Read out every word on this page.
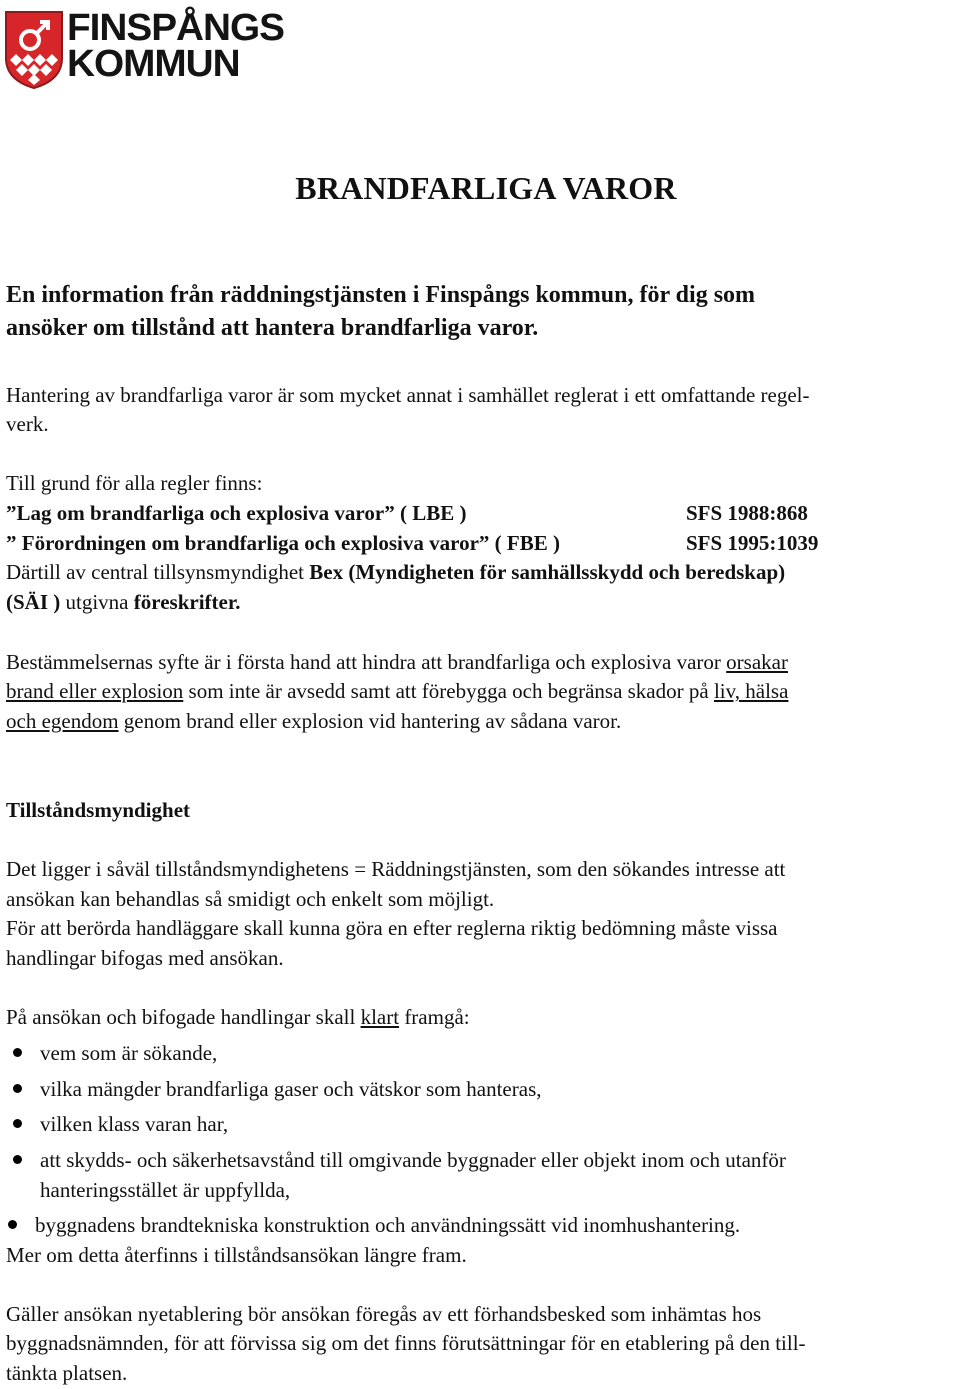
FINSPÅNGS
KOMMUN
BRANDFARLIGA VAROR
En information från räddningstjänsten i Finspångs kommun, för dig som
ansöker om tillstånd att hantera brandfarliga varor.
Hantering av brandfarliga varor är som mycket annat i samhället reglerat i ett omfattande regel-
verk.
Till grund för alla regler finns:
”Lag om brandfarliga och explosiva varor” ( LBE )	SFS 1988:868
” Förordningen om brandfarliga och explosiva varor” ( FBE )	SFS 1995:1039
Därtill av central tillsynsmyndighet Bex (Myndigheten för samhällsskydd och beredskap)
(SÄI ) utgivna föreskrifter.
Bestämmelsernas syfte är i första hand att hindra att brandfarliga och explosiva varor orsakar
brand eller explosion som inte är avsedd samt att förebygga och begränsa skador på liv, hälsa
och egendom genom brand eller explosion vid hantering av sådana varor.
Tillståndsmyndighet
Det ligger i såväl tillståndsmyndighetens = Räddningstjänsten, som den sökandes intresse att
ansökan kan behandlas så smidigt och enkelt som möjligt.
För att berörda handläggare skall kunna göra en efter reglerna riktig bedömning måste vissa
handlingar bifogas med ansökan.
På ansökan och bifogade handlingar skall klart framgå:
vem som är sökande,
vilka mängder brandfarliga gaser och vätskor som hanteras,
vilken klass varan har,
att skydds- och säkerhetsavstånd till omgivande byggnader eller objekt inom och utanför
hanteringsstället är uppfyllda,
byggnadens brandtekniska konstruktion och användningssätt vid inomhushantering.
Mer om detta återfinns i tillståndsansökan längre fram.
Gäller ansökan nyetablering bör ansökan föregås av ett förhandsbesked som inhämtas hos
byggnadsnämnden, för att förvissa sig om det finns förutsättningar för en etablering på den till-
tänkta platsen.
